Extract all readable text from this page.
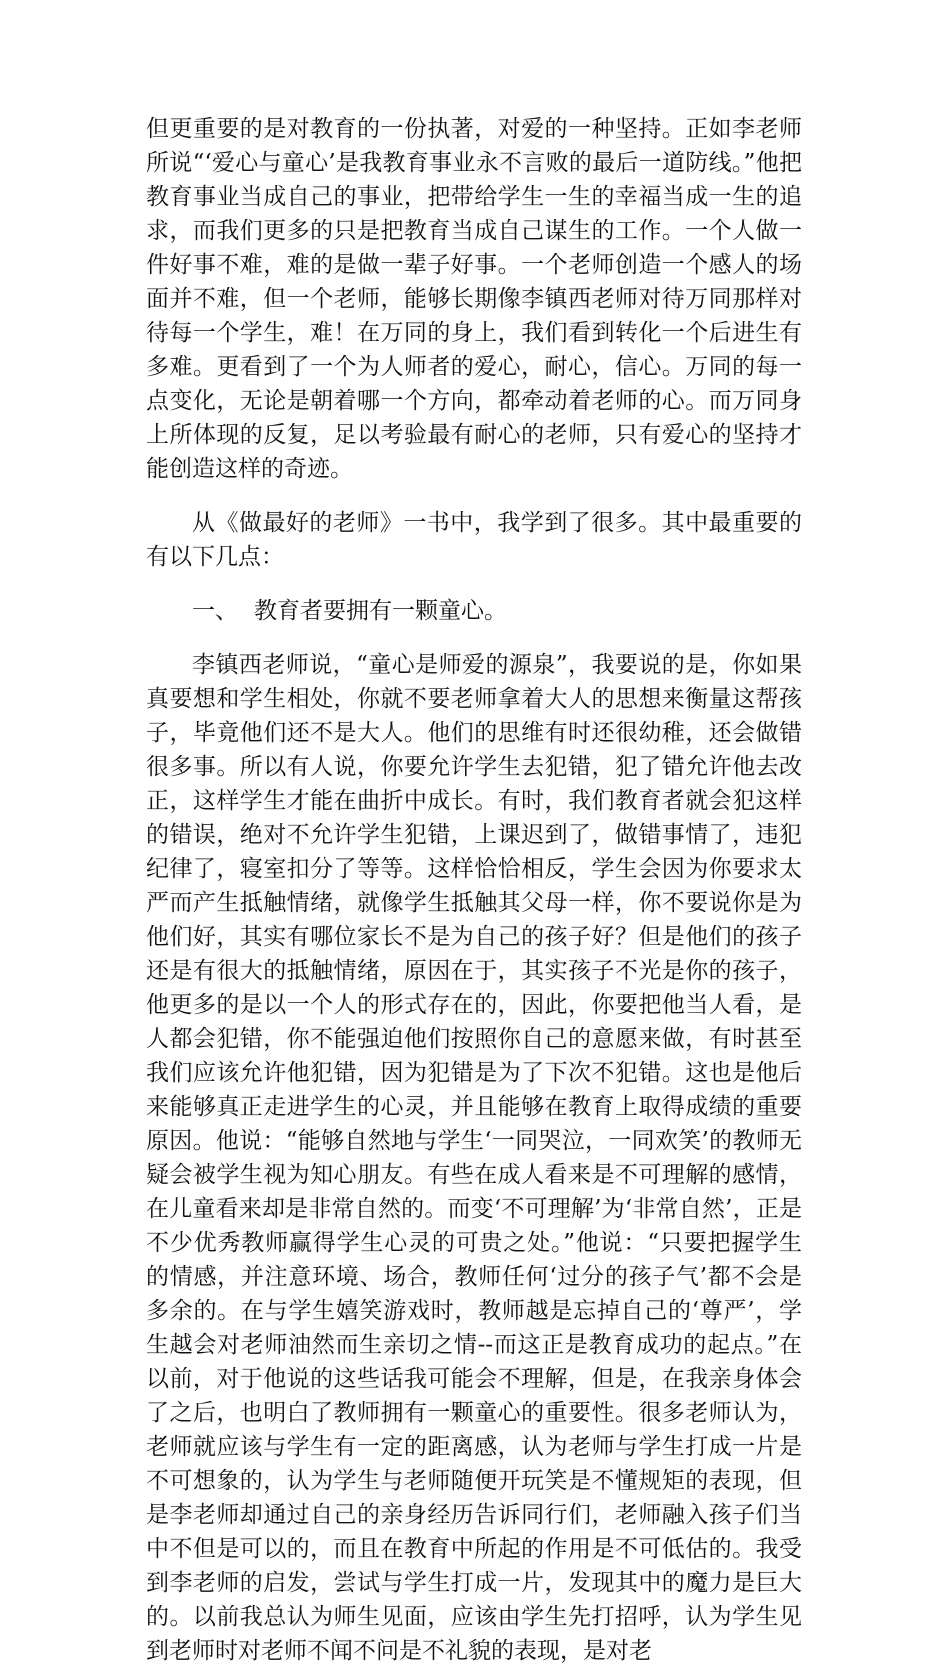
但更重要的是对教育的一份执著，对爱的一种坚持。正如李老师所说“‘爱心与童心’是我教育事业永不言败的最后一道防线。”他把教育事业当成自己的事业，把带给学生一生的幸福当成一生的追求，而我们更多的只是把教育当成自己谋生的工作。一个人做一件好事不难，难的是做一辈子好事。一个老师创造一个感人的场面并不难，但一个老师，能够长期像李镇西老师对待万同那样对待每一个学生，难！在万同的身上，我们看到转化一个后进生有多难。更看到了一个为人师者的爱心，耐心，信心。万同的每一点变化，无论是朝着哪一个方向，都牵动着老师的心。而万同身上所体现的反复，足以考验最有耐心的老师，只有爱心的坚持才能创造这样的奇迹。

从《做最好的老师》一书中，我学到了很多。其中最重要的有以下几点：

一、 教育者要拥有一颗童心。

李镇西老师说，“童心是师爱的源泉”，我要说的是，你如果真要想和学生相处，你就不要老师拿着大人的思想来衡量这帮孩子，毕竟他们还不是大人。他们的思维有时还很幼稚，还会做错很多事。所以有人说，你要允许学生去犯错，犯了错允许他去改正，这样学生才能在曲折中成长。有时，我们教育者就会犯这样的错误，绝对不允许学生犯错，上课迟到了，做错事情了，违犯纪律了，寝室扣分了等等。这样恰恰相反，学生会因为你要求太严而产生抵触情绪，就像学生抵触其父母一样，你不要说你是为他们好，其实有哪位家长不是为自己的孩子好？但是他们的孩子还是有很大的抵触情绪，原因在于，其实孩子不光是你的孩子，他更多的是以一个人的形式存在的，因此，你要把他当人看，是人都会犯错，你不能强迫他们按照你自己的意愿来做，有时甚至我们应该允许他犯错，因为犯错是为了下次不犯错。这也是他后来能够真正走进学生的心灵，并且能够在教育上取得成绩的重要原因。他说：“能够自然地与学生‘一同哭泣，一同欢笑’的教师无疑会被学生视为知心朋友。有些在成人看来是不可理解的感情，在儿童看来却是非常自然的。而变‘不可理解’为‘非常自然’，正是不少优秀教师赢得学生心灵的可贵之处。”他说：“只要把握学生的情感，并注意环境、场合，教师任何‘过分的孩子气’都不会是多余的。在与学生嬉笑游戏时，教师越是忘掉自己的‘尊严’，学生越会对老师油然而生亲切之情--而这正是教育成功的起点。”在以前，对于他说的这些话我可能会不理解，但是，在我亲身体会了之后，也明白了教师拥有一颗童心的重要性。很多老师认为，老师就应该与学生有一定的距离感，认为老师与学生打成一片是不可想象的，认为学生与老师随便开玩笑是不懂规矩的表现，但是李老师却通过自己的亲身经历告诉同行们，老师融入孩子们当中不但是可以的，而且在教育中所起的作用是不可低估的。我受到李老师的启发，尝试与学生打成一片，发现其中的魔力是巨大的。以前我总认为师生见面，应该由学生先打招呼，认为学生见到老师时对老师不闻不问是不礼貌的表现，是对老
